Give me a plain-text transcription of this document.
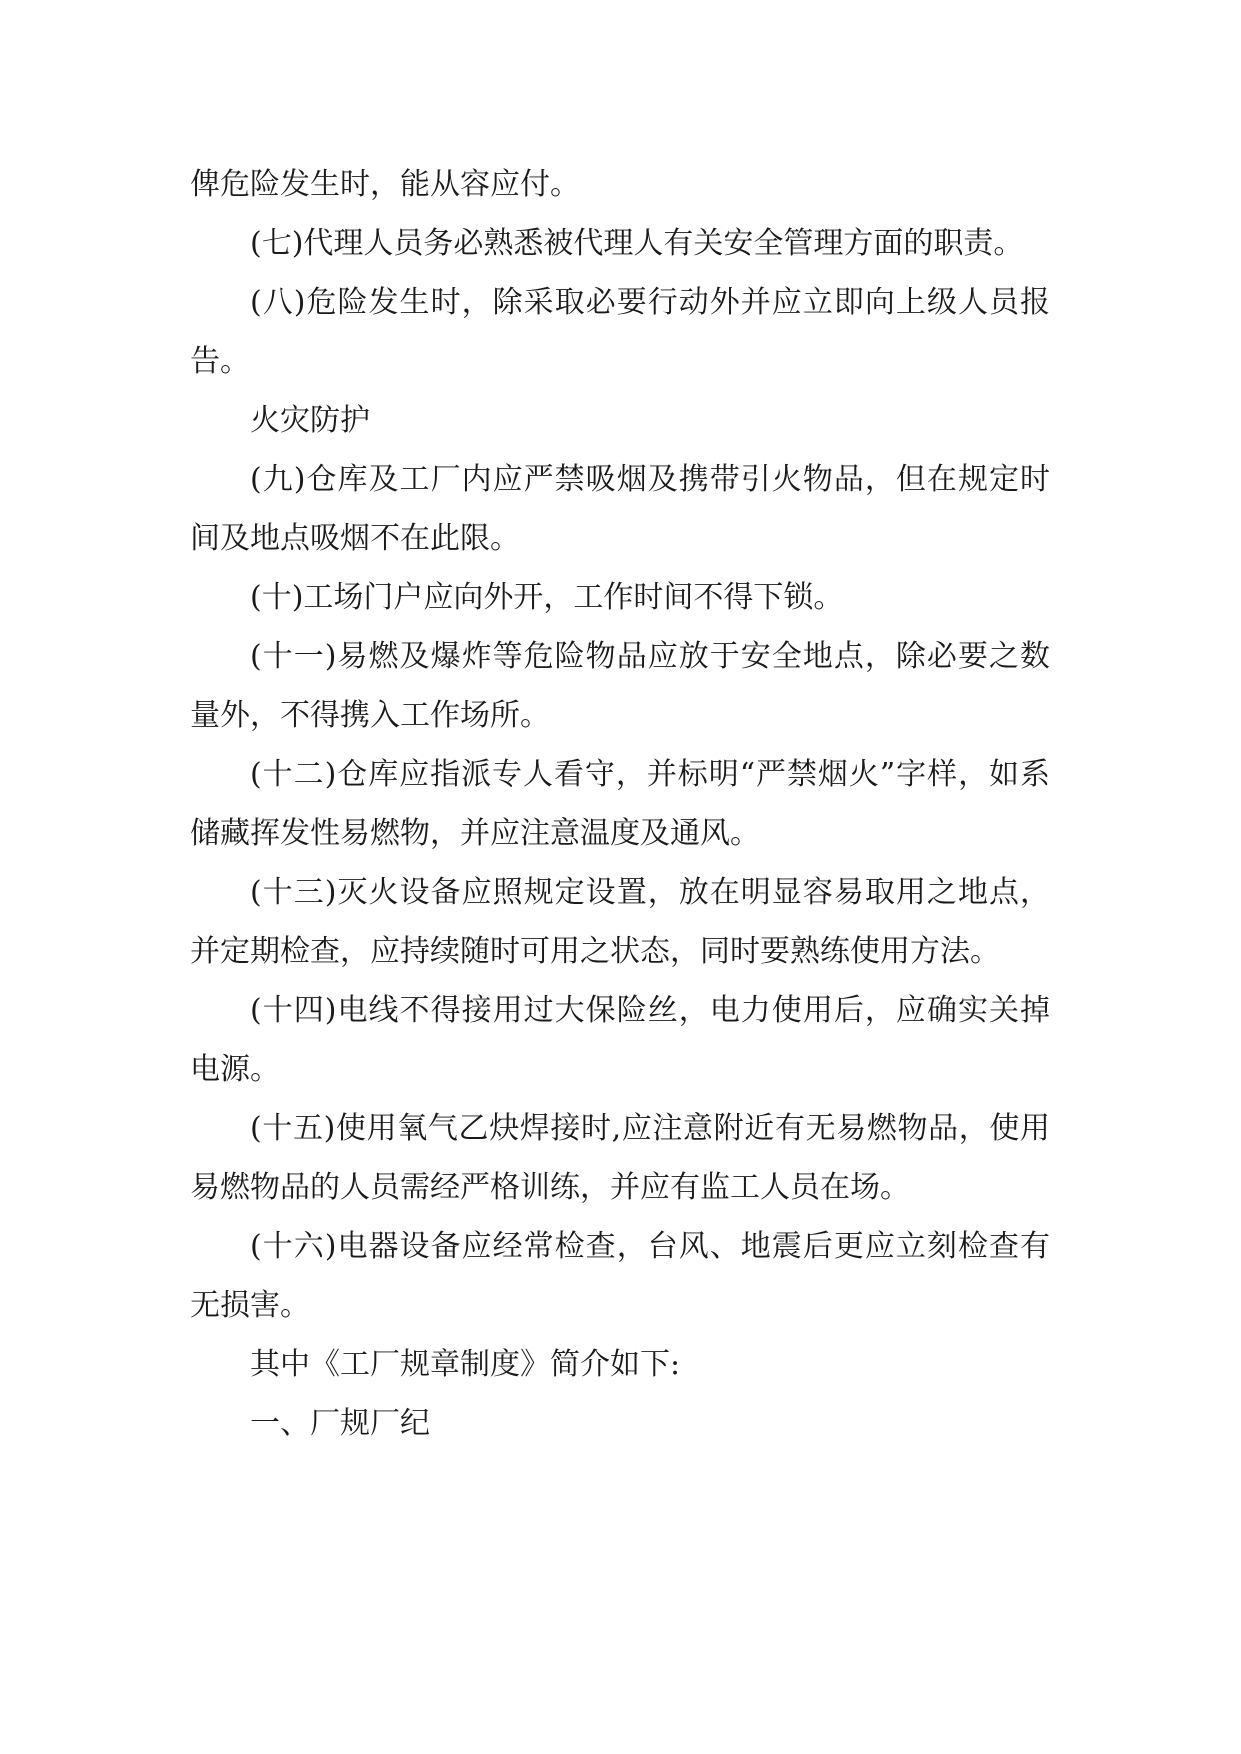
俾危险发生时，能从容应付。

(七)代理人员务必熟悉被代理人有关安全管理方面的职责。

(八)危险发生时，除采取必要行动外并应立即向上级人员报告。

火灾防护

(九)仓库及工厂内应严禁吸烟及携带引火物品，但在规定时间及地点吸烟不在此限。

(十)工场门户应向外开，工作时间不得下锁。

(十一)易燃及爆炸等危险物品应放于安全地点，除必要之数量外，不得携入工作场所。

(十二)仓库应指派专人看守，并标明“严禁烟火”字样，如系储藏挥发性易燃物，并应注意温度及通风。

(十三)灭火设备应照规定设置，放在明显容易取用之地点，并定期检查，应持续随时可用之状态，同时要熟练使用方法。

(十四)电线不得接用过大保险丝，电力使用后，应确实关掉电源。

(十五)使用氧气乙炔焊接时,应注意附近有无易燃物品，使用易燃物品的人员需经严格训练，并应有监工人员在场。

(十六)电器设备应经常检查，台风、地震后更应立刻检查有无损害。

其中《工厂规章制度》简介如下:

一、厂规厂纪
